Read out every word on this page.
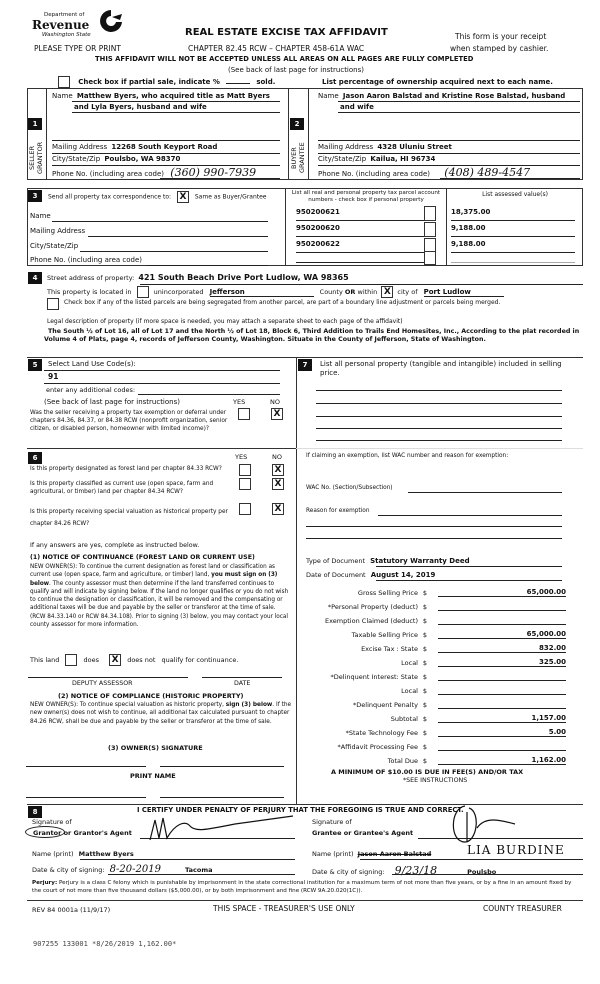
Department of
Revenue
Washington State	REAL ESTATE EXCISE TAX AFFIDAVIT	This form is your receipt
PLEASE TYPE OR PRINT	CHAPTER 82.45 RCW – CHAPTER 458-61A WAC	when stamped by cashier.
THIS AFFIDAVIT WILL NOT BE ACCEPTED UNLESS ALL AREAS ON ALL PAGES ARE FULLY COMPLETED
(See back of last page for instructions)
Check box if partial sale, indicate %	sold.	List percentage of ownership acquired next to each name.
1
SELLER GRANTOR
Name Matthew Byers, who acquired title as Matt Byers
and Lyla Byers, husband and wife
Mailing Address 12268 South Keyport Road
City/State/Zip Poulsbo, WA 98370
Phone No. (including area code) (360) 990-7939
2
BUYER GRANTEE
Name Jason Aaron Balstad and Kristine Rose Balstad, husband
and wife
Mailing Address 4328 Uluniu Street
City/State/Zip Kailua, HI 96734
Phone No. (including area code) (408) 489-4547
3	Send all property tax correspondence to: X Same as Buyer/Grantee
Name
Mailing Address
City/State/Zip
Phone No. (including area code)
List all real and personal property tax parcel account numbers - check box if personal property
List assessed value(s)
950200621	18,375.00
950200620	9,188.00
950200622	9,188.00
4	Street address of property: 421 South Beach Drive Port Ludlow, WA 98365
This property is located in	unincorporated Jefferson	County OR within X city of Port Ludlow
Check box if any of the listed parcels are being segregated from another parcel, are part of a boundary line adjustment or parcels being merged.
Legal description of property (if more space is needed, you may attach a separate sheet to each page of the affidavit)
The South ½ of Lot 16, all of Lot 17 and the North ½ of Lot 18, Block 6, Third Addition to Trails End Homesites, Inc., According to the plat recorded in Volume 4 of Plats, page 4, records of Jefferson County, Washington. Situate in the County of Jefferson, State of Washington.
5	Select Land Use Code(s):
91
enter any additional codes:
(See back of last page for instructions)	YES	NO
Was the seller receiving a property tax exemption or deferral under chapters 84.36, 84.37, or 84.38 RCW (nonprofit organization, senior citizen, or disabled person, homeowner with limited income)?
X
7	List all personal property (tangible and intangible) included in selling price.
6	YES	NO
Is this property designated as forest land per chapter 84.33 RCW?	X
Is this property classified as current use (open space, farm and agricultural, or timber) land per chapter 84.34 RCW?
X
Is this property receiving special valuation as historical property per chapter 84.26 RCW?
X
If any answers are yes, complete as instructed below.
(1) NOTICE OF CONTINUANCE (FOREST LAND OR CURRENT USE)
NEW OWNER(S): To continue the current designation as forest land or classification as current use (open space, farm and agriculture, or timber) land, you must sign on (3) below. The county assessor must then determine if the land transferred continues to qualify and will indicate by signing below. If the land no longer qualifies or you do not wish to continue the designation or classification, it will be removed and the compensating or additional taxes will be due and payable by the seller or transferor at the time of sale. (RCW 84.33.140 or RCW 84.34.108). Prior to signing (3) below, you may contact your local county assessor for more information.
This land	does X does not qualify for continuance.
DEPUTY ASSESSOR	DATE
(2) NOTICE OF COMPLIANCE (HISTORIC PROPERTY)
NEW OWNER(S): To continue special valuation as historic property, sign (3) below. If the new owner(s) does not wish to continue, all additional tax calculated pursuant to chapter 84.26 RCW, shall be due and payable by the seller or transferor at the time of sale.
(3) OWNER(S) SIGNATURE
PRINT NAME
If claiming an exemption, list WAC number and reason for exemption:
WAC No. (Section/Subsection)
Reason for exemption
Type of Document Statutory Warranty Deed
Date of Document August 14, 2019
Gross Selling Price $	65,000.00
*Personal Property (deduct) $
Exemption Claimed (deduct) $
Taxable Selling Price $	65,000.00
Excise Tax : State $	832.00
Local $	325.00
*Delinquent Interest: State $
Local $
*Delinquent Penalty $
Subtotal $	1,157.00
*State Technology Fee $	5.00
*Affidavit Processing Fee $
Total Due $	1,162.00
A MINIMUM OF $10.00 IS DUE IN FEE(S) AND/OR TAX
*SEE INSTRUCTIONS
8	I CERTIFY UNDER PENALTY OF PERJURY THAT THE FOREGOING IS TRUE AND CORRECT.
Signature of
Grantor or Grantor's Agent
Signature of
Grantee or Grantee's Agent
Name (print) Matthew Byers
Date & city of signing: 8-20-2019	Tacoma
Name (print) Jason Aaron Balstad	LIA BURDINE
Date & city of signing: 9/23/18	Poulsbo
Perjury: Perjury is a class C felony which is punishable by imprisonment in the state correctional institution for a maximum term of not more than five years, or by a fine in an amount fixed by the court of not more than five thousand dollars ($5,000.00), or by both imprisonment and fine (RCW 9A.20.020(1C)).
REV 84 0001a (11/9/17)	THIS SPACE - TREASURER'S USE ONLY	COUNTY TREASURER
907255 133001 *8/26/2019 1,162.00*
